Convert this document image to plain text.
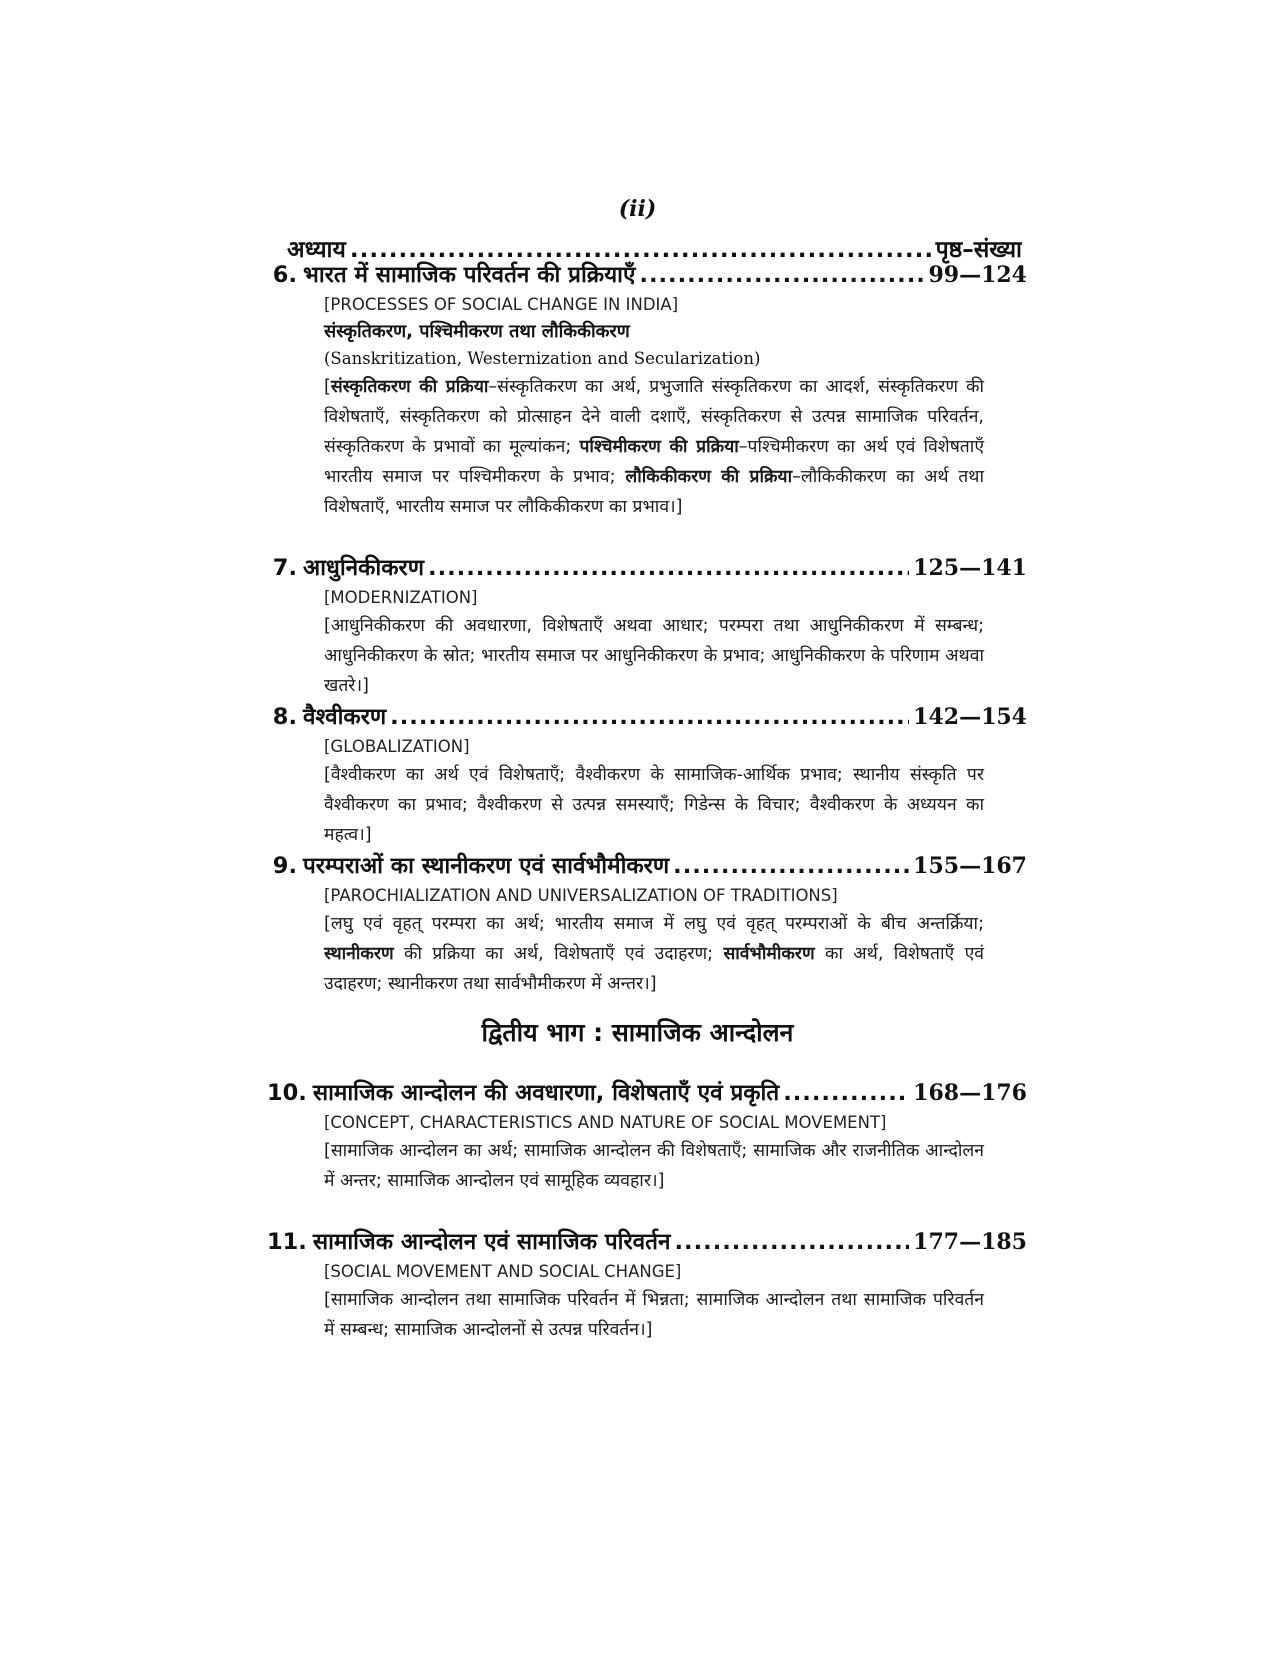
(ii)
अध्याय .....	पृष्ठ–संख्या
6. भारत में सामाजिक परिवर्तन की प्रक्रियाएँ .....	99—124
[PROCESSES OF SOCIAL CHANGE IN INDIA]
संस्कृतिकरण, पश्चिमीकरण तथा लौकिकीकरण
(Sanskritization, Westernization and Secularization)
[संस्कृतिकरण की प्रक्रिया–संस्कृतिकरण का अर्थ, प्रभुजाति संस्कृतिकरण का आदर्श, संस्कृतिकरण की विशेषताएँ, संस्कृतिकरण को प्रोत्साहन देने वाली दशाएँ, संस्कृतिकरण से उत्पन्न सामाजिक परिवर्तन, संस्कृतिकरण के प्रभावों का मूल्यांकन; पश्चिमीकरण की प्रक्रिया–पश्चिमीकरण का अर्थ एवं विशेषताएँ भारतीय समाज पर पश्चिमीकरण के प्रभाव; लौकिकीकरण की प्रक्रिया–लौकिकीकरण का अर्थ तथा विशेषताएँ, भारतीय समाज पर लौकिकीकरण का प्रभाव।]
7. आधुनिकीकरण .....	125—141
[MODERNIZATION]
[आधुनिकीकरण की अवधारणा, विशेषताएँ अथवा आधार; परम्परा तथा आधुनिकीकरण में सम्बन्ध; आधुनिकीकरण के स्रोत; भारतीय समाज पर आधुनिकीकरण के प्रभाव; आधुनिकीकरण के परिणाम अथवा खतरे।]
8. वैश्वीकरण .....	142—154
[GLOBALIZATION]
[वैश्वीकरण का अर्थ एवं विशेषताएँ; वैश्वीकरण के सामाजिक-आर्थिक प्रभाव; स्थानीय संस्कृति पर वैश्वीकरण का प्रभाव; वैश्वीकरण से उत्पन्न समस्याएँ; गिडेन्स के विचार; वैश्वीकरण के अध्ययन का महत्व।]
9. परम्पराओं का स्थानीकरण एवं सार्वभौमीकरण .....	155—167
[PAROCHIALIZATION AND UNIVERSALIZATION OF TRADITIONS]
[लघु एवं वृहत् परम्परा का अर्थ; भारतीय समाज में लघु एवं वृहत् परम्पराओं के बीच अन्तर्क्रिया; स्थानीकरण की प्रक्रिया का अर्थ, विशेषताएँ एवं उदाहरण; सार्वभौमीकरण का अर्थ, विशेषताएँ एवं उदाहरण; स्थानीकरण तथा सार्वभौमीकरण में अन्तर।]
द्वितीय भाग : सामाजिक आन्दोलन
10. सामाजिक आन्दोलन की अवधारणा, विशेषताएँ एवं प्रकृति .....	168—176
[CONCEPT, CHARACTERISTICS AND NATURE OF SOCIAL MOVEMENT]
[सामाजिक आन्दोलन का अर्थ; सामाजिक आन्दोलन की विशेषताएँ; सामाजिक और राजनीतिक आन्दोलन में अन्तर; सामाजिक आन्दोलन एवं सामूहिक व्यवहार।]
11. सामाजिक आन्दोलन एवं सामाजिक परिवर्तन .....	177—185
[SOCIAL MOVEMENT AND SOCIAL CHANGE]
[सामाजिक आन्दोलन तथा सामाजिक परिवर्तन में भिन्नता; सामाजिक आन्दोलन तथा सामाजिक परिवर्तन में सम्बन्ध; सामाजिक आन्दोलनों से उत्पन्न परिवर्तन।]
